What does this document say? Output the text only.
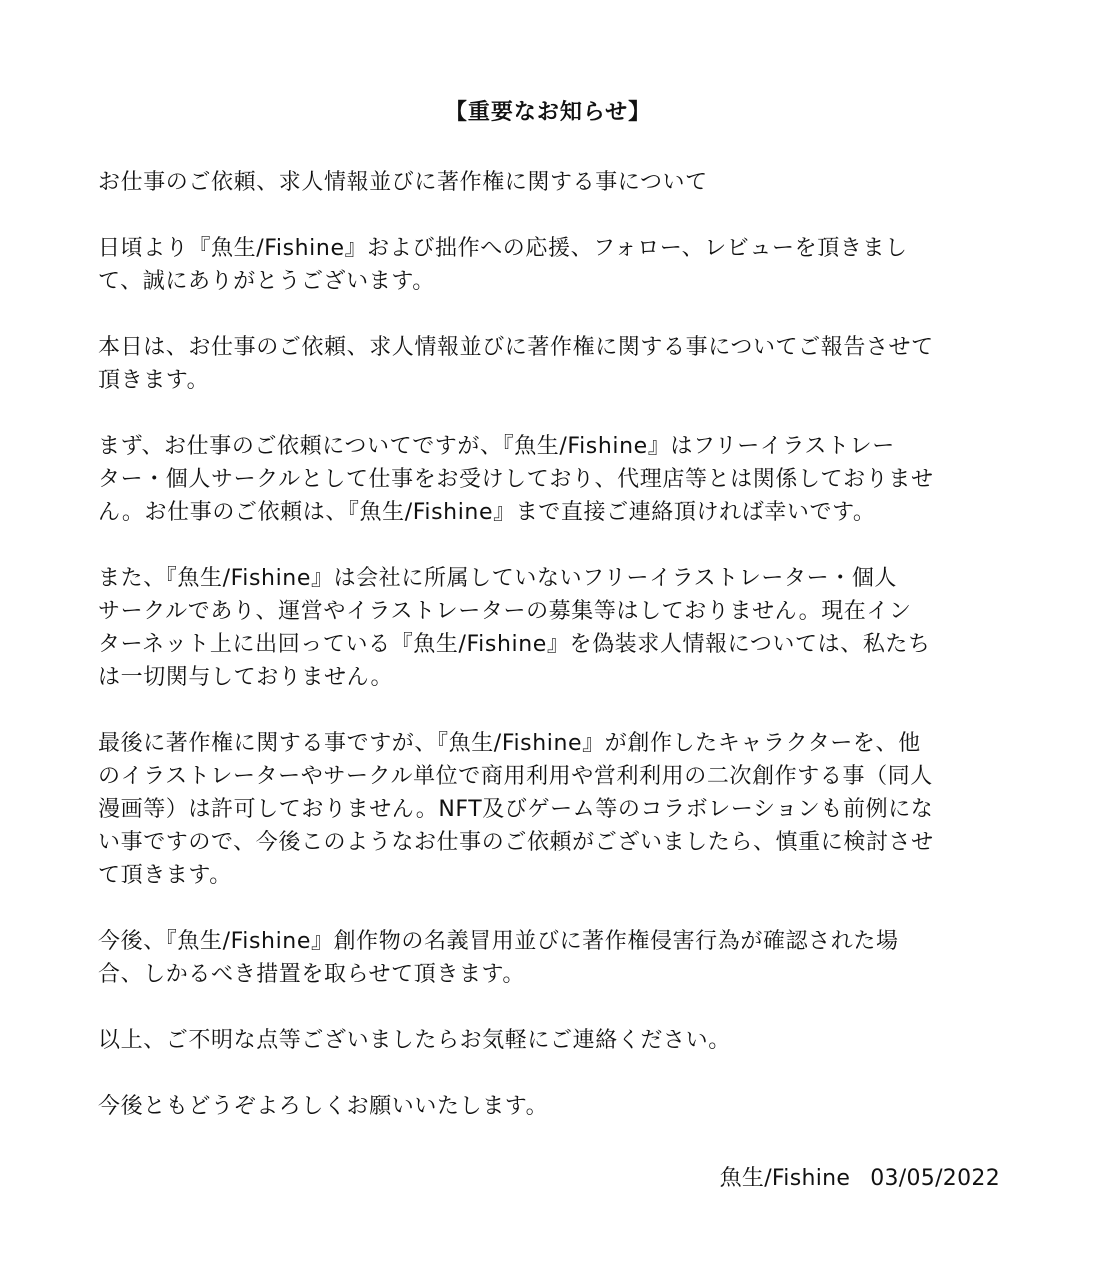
【重要なお知らせ】
お仕事のご依頼、求人情報並びに著作権に関する事について
日頃より『魚生/Fishine』および拙作への応援、フォロー、レビューを頂きまし
て、誠にありがとうございます。
本日は、お仕事のご依頼、求人情報並びに著作権に関する事についてご報告させて
頂きます。
まず、お仕事のご依頼についてですが、『魚生/Fishine』はフリーイラストレー
ター・個人サークルとして仕事をお受けしており、代理店等とは関係しておりませ
ん。お仕事のご依頼は、『魚生/Fishine』まで直接ご連絡頂ければ幸いです。
また、『魚生/Fishine』は会社に所属していないフリーイラストレーター・個人
サークルであり、運営やイラストレーターの募集等はしておりません。現在イン
ターネット上に出回っている『魚生/Fishine』を偽装求人情報については、私たち
は一切関与しておりません。
最後に著作権に関する事ですが、『魚生/Fishine』が創作したキャラクターを、他
のイラストレーターやサークル単位で商用利用や営利利用の二次創作する事（同人
漫画等）は許可しておりません。NFT及びゲーム等のコラボレーションも前例にな
い事ですので、今後このようなお仕事のご依頼がございましたら、慎重に検討させ
て頂きます。
今後、『魚生/Fishine』創作物の名義冒用並びに著作権侵害行為が確認された場
合、しかるべき措置を取らせて頂きます。
以上、ご不明な点等ございましたらお気軽にご連絡ください。
今後ともどうぞよろしくお願いいたします。
魚生/Fishine 03/05/2022
